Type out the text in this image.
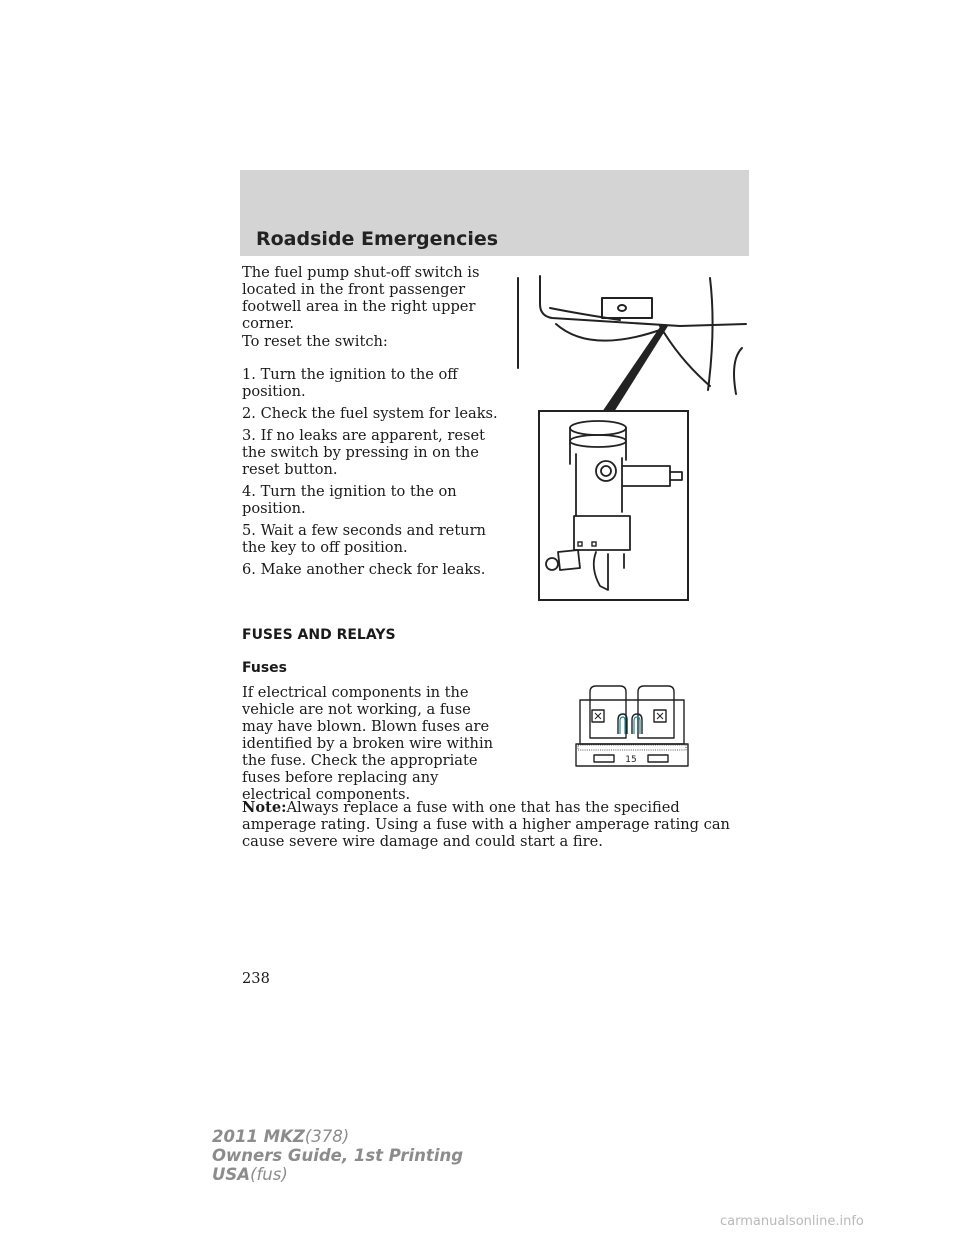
Roadside Emergencies

The fuel pump shut-off switch is located in the front passenger footwell area in the right upper corner.

To reset the switch:

1. Turn the ignition to the off position.

2. Check the fuel system for leaks.

3. If no leaks are apparent, reset the switch by pressing in on the reset button.

4. Turn the ignition to the on position.

5. Wait a few seconds and return the key to off position.

6. Make another check for leaks.

FUSES AND RELAYS

Fuses

If electrical components in the vehicle are not working, a fuse may have blown. Blown fuses are identified by a broken wire within the fuse. Check the appropriate fuses before replacing any electrical components.

Note:Always replace a fuse with one that has the specified amperage rating. Using a fuse with a higher amperage rating can cause severe wire damage and could start a fire.

15

238

2011 MKZ(378)
Owners Guide, 1st Printing
USA(fus)
carmanualsonline.info
